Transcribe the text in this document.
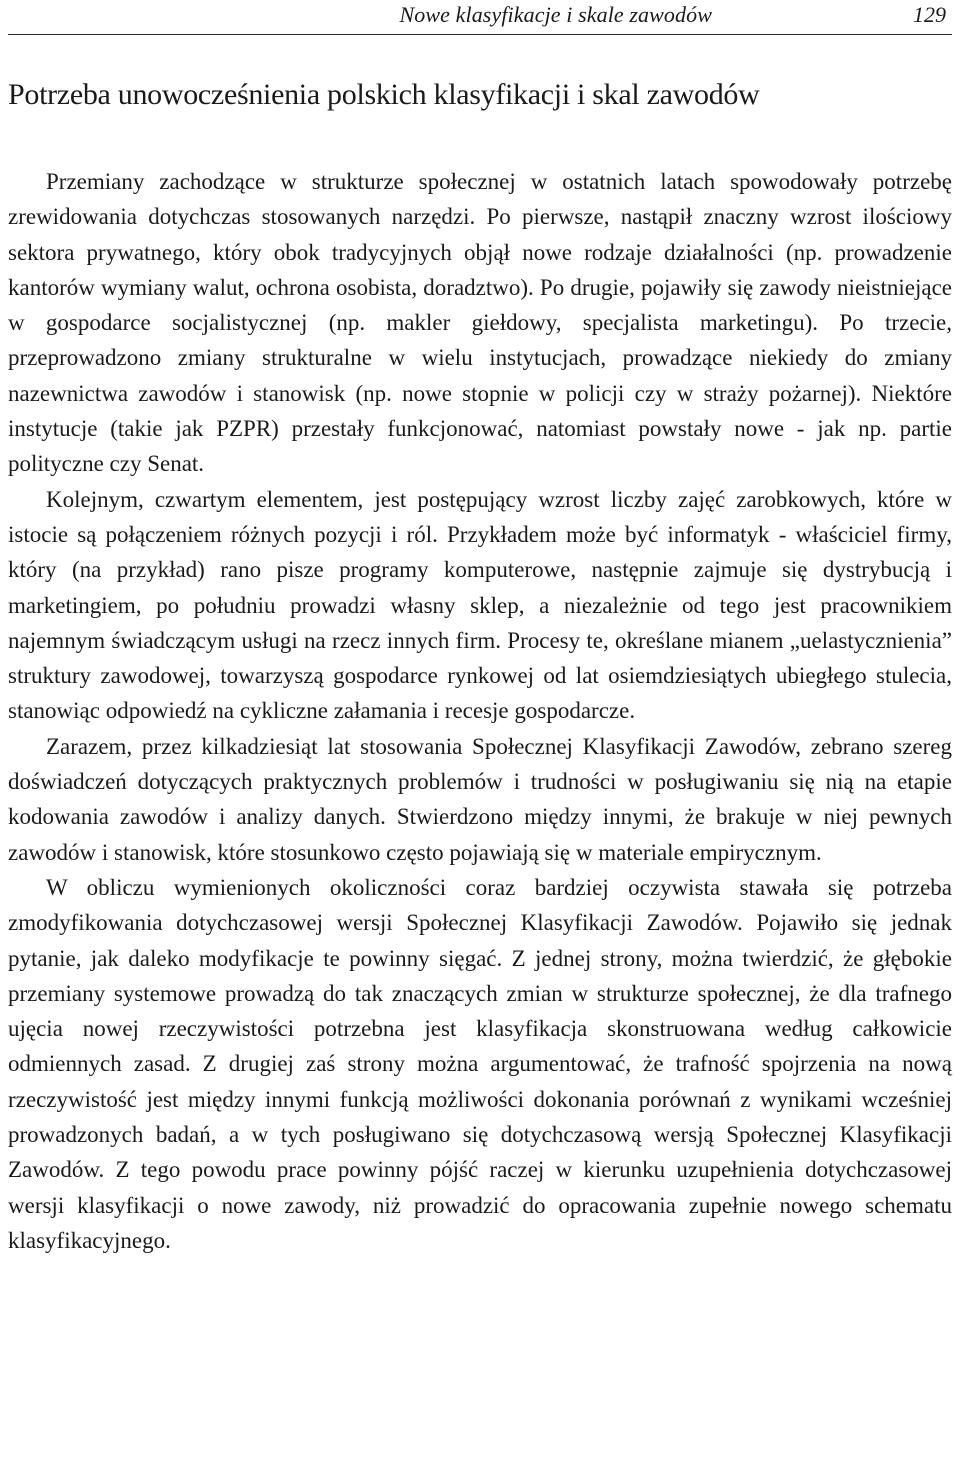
Nowe klasyfikacje i skale zawodów	129
Potrzeba unowocześnienia polskich klasyfikacji i skal zawodów

Przemiany zachodzące w strukturze społecznej w ostatnich latach spowodowały potrzebę zrewidowania dotychczas stosowanych narzędzi. Po pierwsze, nastąpił znaczny wzrost ilościowy sektora prywatnego, który obok tradycyjnych objął nowe rodzaje działalności (np. prowadzenie kantorów wymiany walut, ochrona osobista, doradztwo). Po drugie, pojawiły się zawody nieistniejące w gospodarce socjalistycznej (np. makler giełdowy, specjalista marketingu). Po trzecie, przeprowadzono zmiany strukturalne w wielu instytucjach, prowadzące niekiedy do zmiany nazewnictwa zawodów i stanowisk (np. nowe stopnie w policji czy w straży pożarnej). Niektóre instytucje (takie jak PZPR) przestały funkcjonować, natomiast powstały nowe - jak np. partie polityczne czy Senat.

Kolejnym, czwartym elementem, jest postępujący wzrost liczby zajęć zarobkowych, które w istocie są połączeniem różnych pozycji i ról. Przykładem może być informatyk - właściciel firmy, który (na przykład) rano pisze programy komputerowe, następnie zajmuje się dystrybucją i marketingiem, po południu prowadzi własny sklep, a niezależnie od tego jest pracownikiem najemnym świadczącym usługi na rzecz innych firm. Procesy te, określane mianem „uelastycznienia” struktury zawodowej, towarzyszą gospodarce rynkowej od lat osiemdziesiątych ubiegłego stulecia, stanowiąc odpowiedź na cykliczne załamania i recesje gospodarcze.

Zarazem, przez kilkadziesiąt lat stosowania Społecznej Klasyfikacji Zawodów, zebrano szereg doświadczeń dotyczących praktycznych problemów i trudności w posługiwaniu się nią na etapie kodowania zawodów i analizy danych. Stwierdzono między innymi, że brakuje w niej pewnych zawodów i stanowisk, które stosunkowo często pojawiają się w materiale empirycznym.

W obliczu wymienionych okoliczności coraz bardziej oczywista stawała się potrzeba zmodyfikowania dotychczasowej wersji Społecznej Klasyfikacji Zawodów. Pojawiło się jednak pytanie, jak daleko modyfikacje te powinny sięgać. Z jednej strony, można twierdzić, że głębokie przemiany systemowe prowadzą do tak znaczących zmian w strukturze społecznej, że dla trafnego ujęcia nowej rzeczywistości potrzebna jest klasyfikacja skonstruowana według całkowicie odmiennych zasad. Z drugiej zaś strony można argumentować, że trafność spojrzenia na nową rzeczywistość jest między innymi funkcją możliwości dokonania porównań z wynikami wcześniej prowadzonych badań, a w tych posługiwano się dotychczasową wersją Społecznej Klasyfikacji Zawodów. Z tego powodu prace powinny pójść raczej w kierunku uzupełnienia dotychczasowej wersji klasyfikacji o nowe zawody, niż prowadzić do opracowania zupełnie nowego schematu klasyfikacyjnego.
